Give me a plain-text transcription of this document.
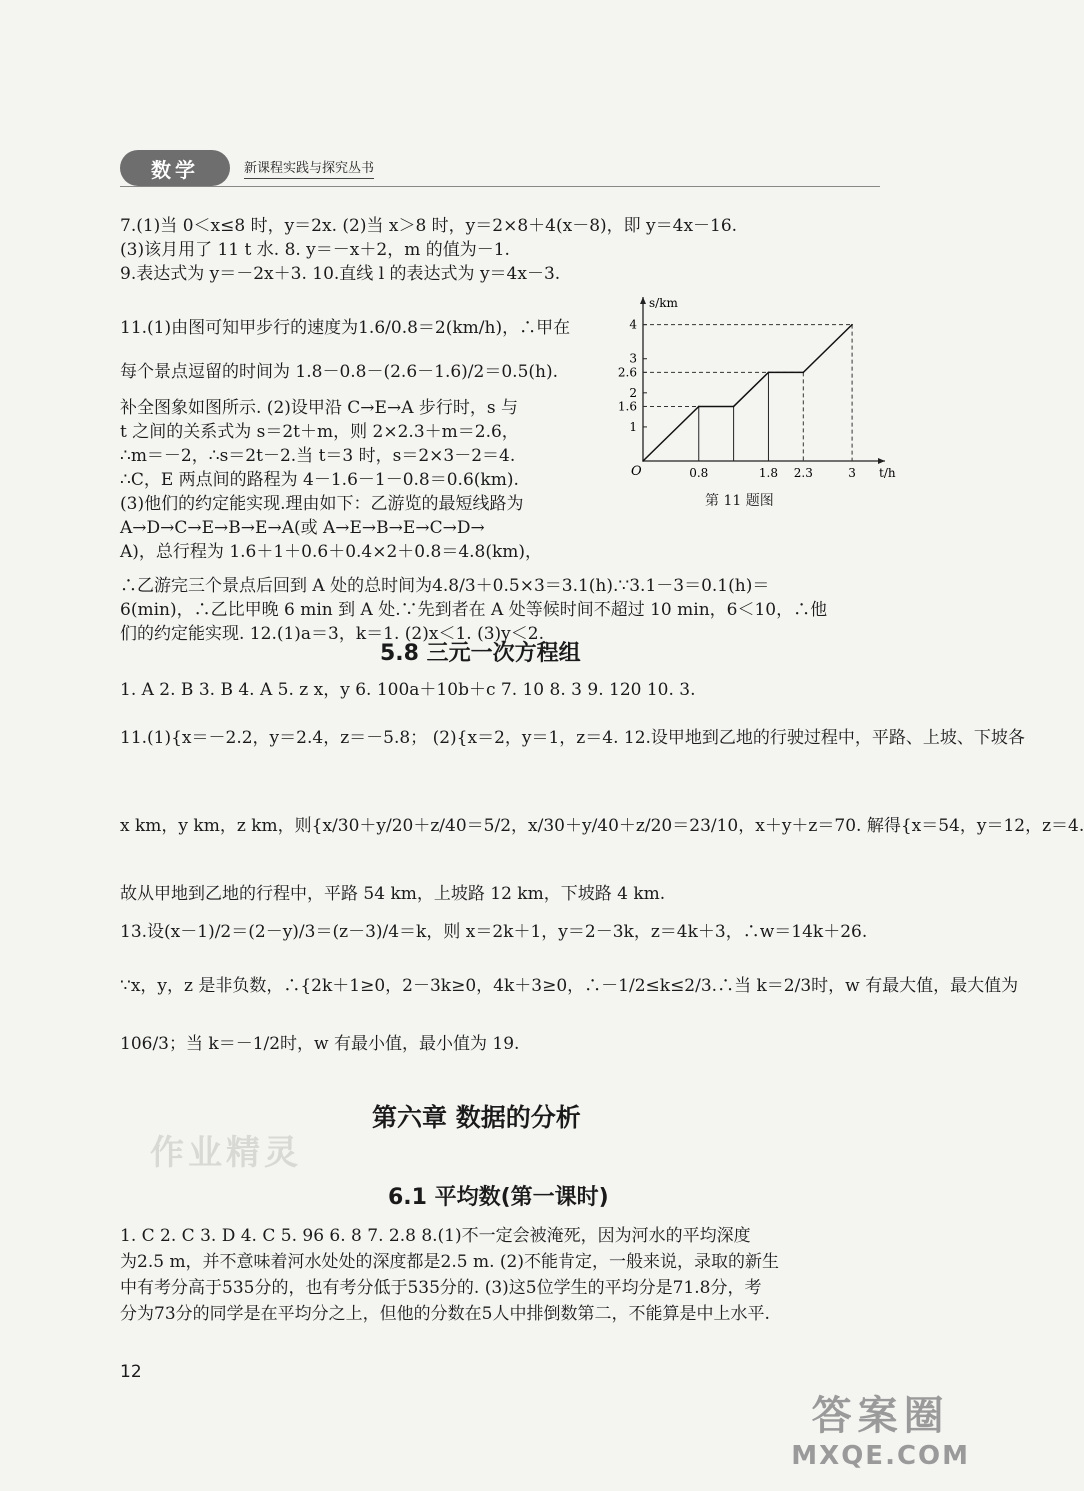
数学	新课程实践与探究丛书
7.(1)当 0＜x≤8 时，y＝2x. (2)当 x＞8 时，y＝2×8＋4(x－8)，即 y＝4x－16.
(3)该月用了 11 t 水. 8. y＝－x＋2，m 的值为－1.
9.表达式为 y＝－2x＋3. 10.直线 l 的表达式为 y＝4x－3.
11.(1)由图可知甲步行的速度为1.6/0.8＝2(km/h)，∴甲在
每个景点逗留的时间为 1.8－0.8－(2.6－1.6)/2＝0.5(h).
补全图象如图所示. (2)设甲沿 C→E→A 步行时，s 与
t 之间的关系式为 s＝2t＋m，则 2×2.3＋m＝2.6，
∴m＝－2，∴s＝2t－2.当 t＝3 时，s＝2×3－2＝4.
∴C，E 两点间的路程为 4－1.6－1－0.8＝0.6(km).
(3)他们的约定能实现.理由如下：乙游览的最短线路为
A→D→C→E→B→E→A(或 A→E→B→E→C→D→
A)，总行程为 1.6＋1＋0.6＋0.4×2＋0.8＝4.8(km)，
s/km
t/h
O	0.8	1.8 2.3	3
1
1.6
2
2.6
3
4
第 11 题图
∴乙游完三个景点后回到 A 处的总时间为4.8/3＋0.5×3＝3.1(h).∵3.1－3＝0.1(h)＝
6(min)，∴乙比甲晚 6 min 到 A 处.∵先到者在 A 处等候时间不超过 10 min，6＜10，∴他
们的约定能实现. 12.(1)a＝3，k＝1. (2)x＜1. (3)y＜2.
5.8 三元一次方程组
1. A 2. B 3. B 4. A 5. z x，y 6. 100a＋10b＋c 7. 10 8. 3 9. 120 10. 3.
11.(1){x＝－2.2，y＝2.4，z＝－5.8； (2){x＝2，y＝1，z＝4. 12.设甲地到乙地的行驶过程中，平路、上坡、下坡各
x km，y km，z km，则{x/30＋y/20＋z/40＝5/2，x/30＋y/40＋z/20＝23/10，x＋y＋z＝70. 解得{x＝54，y＝12，z＝4.
故从甲地到乙地的行程中，平路 54 km，上坡路 12 km，下坡路 4 km.
13.设(x－1)/2＝(2－y)/3＝(z－3)/4＝k，则 x＝2k＋1，y＝2－3k，z＝4k＋3，∴w＝14k＋26.
∵x，y，z 是非负数，∴{2k＋1≥0，2－3k≥0，4k＋3≥0，∴－1/2≤k≤2/3.∴当 k＝2/3时，w 有最大值，最大值为
106/3；当 k＝－1/2时，w 有最小值，最小值为 19.
作业精灵
第六章 数据的分析
6.1 平均数(第一课时)
1. C 2. C 3. D 4. C 5. 96 6. 8 7. 2.8 8.(1)不一定会被淹死，因为河水的平均深度
为2.5 m，并不意味着河水处处的深度都是2.5 m. (2)不能肯定，一般来说，录取的新生
中有考分高于535分的，也有考分低于535分的. (3)这5位学生的平均分是71.8分，考
分为73分的同学是在平均分之上，但他的分数在5人中排倒数第二，不能算是中上水平.
12
答案圈
MXQE.COM
